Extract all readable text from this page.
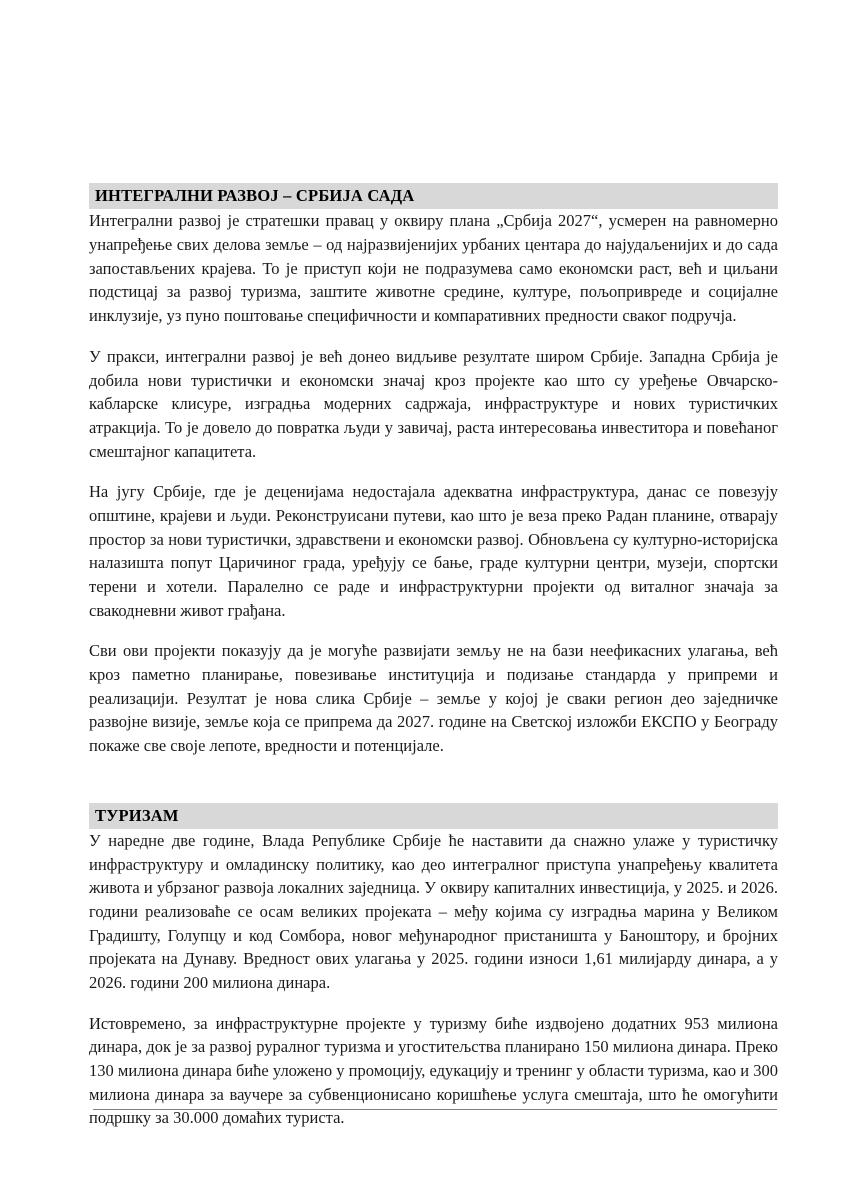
ИНТЕГРАЛНИ РАЗВОЈ – СРБИЈА САДА

Интегрални развој је стратешки правац у оквиру плана „Србија 2027“, усмерен на равномерно унапређење свих делова земље – од најразвијенијих урбаних центара до најудаљенијих и до сада запостављених крајева. То је приступ који не подразумева само економски раст, већ и циљани подстицај за развој туризма, заштите животне средине, културе, пољопривреде и социјалне инклузије, уз пуно поштовање специфичности и компаративних предности сваког подручја.

У пракси, интегрални развој је већ донео видљиве резултате широм Србије. Западна Србија је добила нови туристички и економски значај кроз пројекте као што су уређење Овчарско-кабларске клисуре, изградња модерних садржаја, инфраструктуре и нових туристичких атракција. То је довело до повратка људи у завичај, раста интересовања инвеститора и повећаног смештајног капацитета.

На југу Србије, где је деценијама недостајала адекватна инфраструктура, данас се повезују општине, крајеви и људи. Реконструисани путеви, као што је веза преко Радан планине, отварају простор за нови туристички, здравствени и економски развој. Обновљена су културно-историјска налазишта попут Царичиног града, уређују се бање, граде културни центри, музеји, спортски терени и хотели. Паралелно се раде и инфраструктурни пројекти од виталног значаја за свакодневни живот грађана.

Сви ови пројекти показују да је могуће развијати земљу не на бази неефикасних улагања, већ кроз паметно планирање, повезивање институција и подизање стандарда у припреми и реализацији. Резултат је нова слика Србије – земље у којој је сваки регион део заједничке развојне визије, земље која се припрема да 2027. године на Светској изложби ЕКСПО у Београду покаже све своје лепоте, вредности и потенцијале.

ТУРИЗАМ

У наредне две године, Влада Републике Србије ће наставити да снажно улаже у туристичку инфраструктуру и омладинску политику, као део интегралног приступа унапређењу квалитета живота и убрзаног развоја локалних заједница. У оквиру капиталних инвестиција, у 2025. и 2026. години реализоваће се осам великих пројеката – међу којима су изградња марина у Великом Градишту, Голупцу и код Сомбора, новог међународног пристаништа у Баноштору, и бројних пројеката на Дунаву. Вредност ових улагања у 2025. години износи 1,61 милијарду динара, а у 2026. години 200 милиона динара.

Истовремено, за инфраструктурне пројекте у туризму биће издвојено додатних 953 милиона динара, док је за развој руралног туризма и угоститељства планирано 150 милиона динара. Преко 130 милиона динара биће уложено у промоцију, едукацију и тренинг у области туризма, као и 300 милиона динара за ваучере за субвенционисано коришћење услуга смештаја, што ће омогућити подршку за 30.000 домаћих туриста.
